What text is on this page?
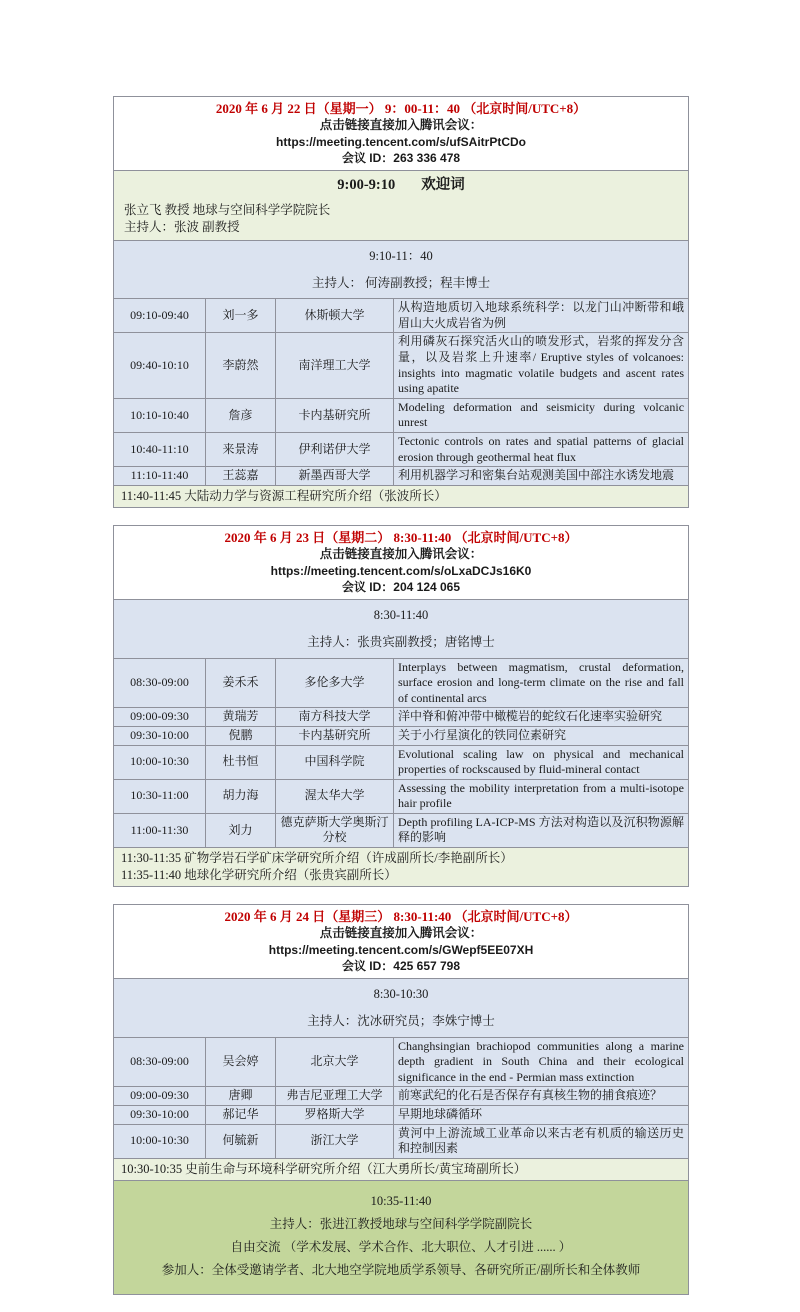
2020 年 6 月 22 日（星期一） 9：00-11：40 （北京时间/UTC+8）
点击链接直接加入腾讯会议：
https://meeting.tencent.com/s/ufSAitrPtCDo
会议 ID：263 336 478			

9:00-9:10 欢迎词
张立飞 教授 地球与空间科学学院院长
主持人：张波 副教授			

9:10-11：40
主持人： 何涛副教授；程丰博士			

09:10-09:40	刘一多	休斯顿大学	从构造地质切入地球系统科学：以龙门山冲断带和峨眉山大火成岩省为例
09:40-10:10	李蔚然	南洋理工大学	利用磷灰石探究活火山的喷发形式，岩浆的挥发分含量，以及岩浆上升速率/ Eruptive styles of volcanoes: insights into magmatic volatile budgets and ascent rates using apatite
10:10-10:40	詹彦	卡内基研究所	Modeling deformation and seismicity during volcanic unrest
10:40-11:10	来景涛	伊利诺伊大学	Tectonic controls on rates and spatial patterns of glacial erosion through geothermal heat flux
11:10-11:40	王蕊嘉	新墨西哥大学	利用机器学习和密集台站观测美国中部注水诱发地震

11:40-11:45 大陆动力学与资源工程研究所介绍（张波所长）			
2020 年 6 月 23 日（星期二） 8:30-11:40 （北京时间/UTC+8）
点击链接直接加入腾讯会议：
https://meeting.tencent.com/s/oLxaDCJs16K0
会议 ID：204 124 065			

8:30-11:40
主持人：张贵宾副教授；唐铭博士			

08:30-09:00	姜禾禾	多伦多大学	Interplays between magmatism, crustal deformation, surface erosion and long-term climate on the rise and fall of continental arcs
09:00-09:30	黄瑞芳	南方科技大学	洋中脊和俯冲带中橄榄岩的蛇纹石化速率实验研究
09:30-10:00	倪鹏	卡内基研究所	关于小行星演化的铁同位素研究
10:00-10:30	杜书恒	中国科学院	Evolutional scaling law on physical and mechanical properties of rockscaused by fluid-mineral contact
10:30-11:00	胡力海	渥太华大学	Assessing the mobility interpretation from a multi-isotope hair profile
11:00-11:30	刘力	德克萨斯大学奥斯汀分校	Depth profiling LA-ICP-MS 方法对构造以及沉积物源解释的影响

11:30-11:35 矿物学岩石学矿床学研究所介绍（许成副所长/李艳副所长）
11:35-11:40 地球化学研究所介绍（张贵宾副所长）			
2020 年 6 月 24 日（星期三） 8:30-11:40 （北京时间/UTC+8）
点击链接直接加入腾讯会议：
https://meeting.tencent.com/s/GWepf5EE07XH
会议 ID：425 657 798			

8:30-10:30
主持人：沈冰研究员；李姝宁博士			

08:30-09:00	吴会婷	北京大学	Changhsingian brachiopod communities along a marine depth gradient in South China and their ecological significance in the end - Permian mass extinction
09:00-09:30	唐卿	弗吉尼亚理工大学	前寒武纪的化石是否保存有真核生物的捕食痕迹？
09:30-10:00	郝记华	罗格斯大学	早期地球磷循环
10:00-10:30	何毓新	浙江大学	黄河中上游流域工业革命以来古老有机质的输送历史和控制因素

10:30-10:35 史前生命与环境科学研究所介绍（江大勇所长/黄宝琦副所长）			

10:35-11:40
主持人：张进江教授地球与空间科学学院副院长
自由交流 （学术发展、学术合作、北大职位、人才引进 ...... ）
参加人：全体受邀请学者、北大地空学院地质学系领导、各研究所正/副所长和全体教师			
